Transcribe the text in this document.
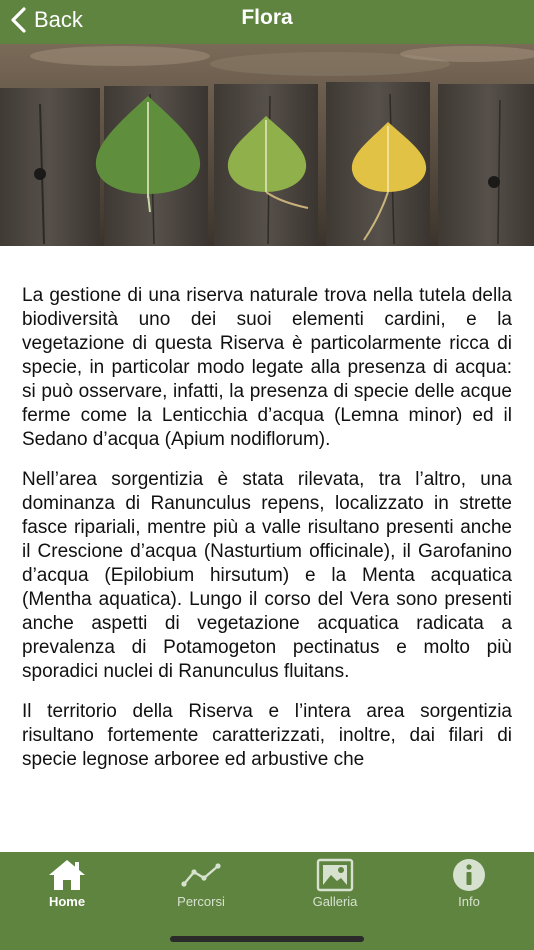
Back	Flora

La gestione di una riserva naturale trova nella tutela della biodiversità uno dei suoi elementi cardini, e la vegetazione di questa Riserva è particolarmente ricca di specie, in particolar modo legate alla presenza di acqua: si può osservare, infatti, la presenza di specie delle acque ferme come la Lenticchia d’acqua (Lemna minor) ed il Sedano d’acqua (Apium nodiflorum).

Nell’area sorgentizia è stata rilevata, tra l’altro, una dominanza di Ranunculus repens, localizzato in strette fasce ripariali, mentre più a valle risultano presenti anche il Crescione d’acqua (Nasturtium officinale), il Garofanino d’acqua (Epilobium hirsutum) e la Menta acquatica (Mentha aquatica). Lungo il corso del Vera sono presenti anche aspetti di vegetazione acquatica radicata a prevalenza di Potamogeton pectinatus e molto più sporadici nuclei di Ranunculus fluitans.

Il territorio della Riserva e l’intera area sorgentizia risultano fortemente caratterizzati, inoltre, dai filari di specie legnose arboree ed arbustive che

Home	Percorsi	Galleria	Info
